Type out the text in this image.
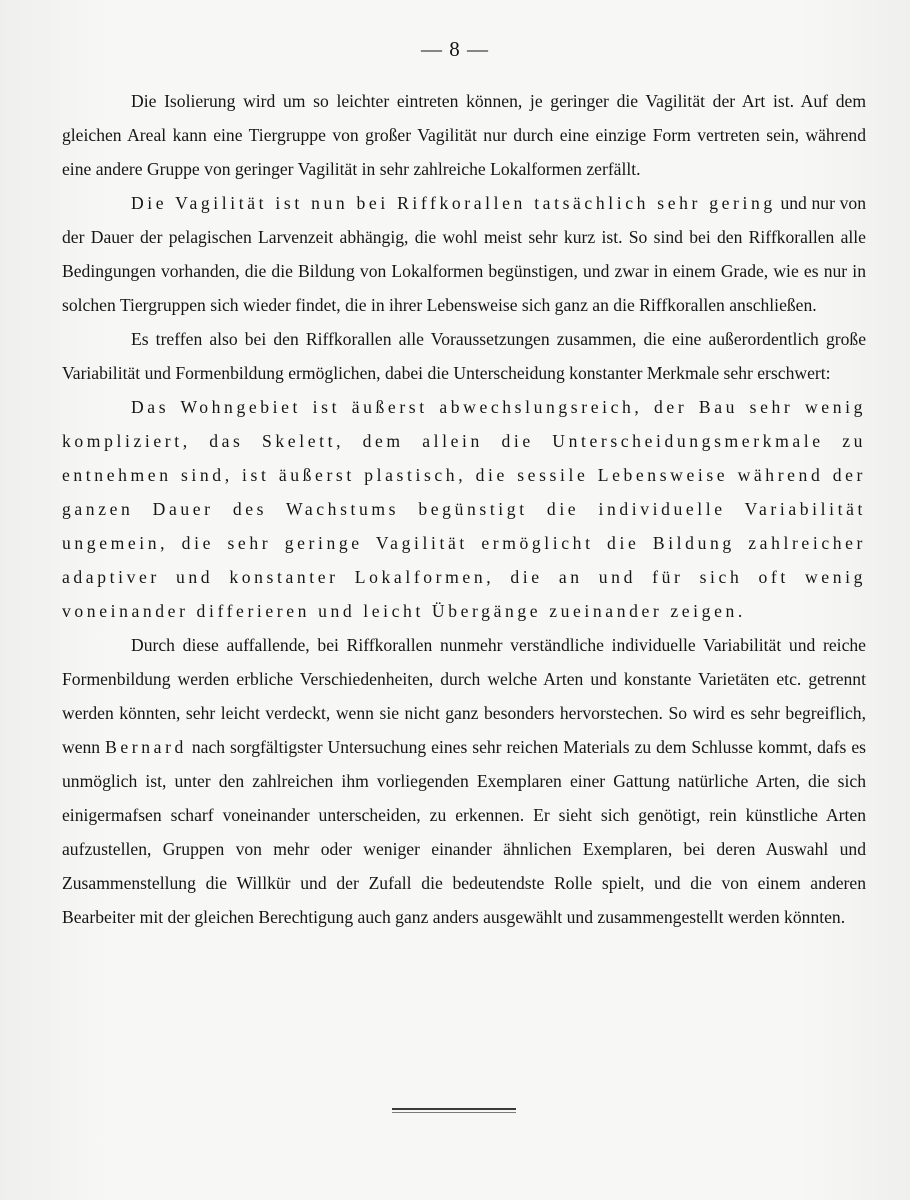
— 8 —

Die Isolierung wird um so leichter eintreten können, je geringer die Vagilität der Art ist. Auf dem gleichen Areal kann eine Tiergruppe von großer Vagilität nur durch eine einzige Form vertreten sein, während eine andere Gruppe von geringer Vagilität in sehr zahlreiche Lokalformen zerfällt.

Die Vagilität ist nun bei Riffkorallen tatsächlich sehr gering und nur von der Dauer der pelagischen Larvenzeit abhängig, die wohl meist sehr kurz ist. So sind bei den Riffkorallen alle Bedingungen vorhanden, die die Bildung von Lokalformen begünstigen, und zwar in einem Grade, wie es nur in solchen Tiergruppen sich wieder findet, die in ihrer Lebensweise sich ganz an die Riffkorallen anschließen.

Es treffen also bei den Riffkorallen alle Voraussetzungen zusammen, die eine außerordentlich große Variabilität und Formenbildung ermöglichen, dabei die Unterscheidung konstanter Merkmale sehr erschwert:

Das Wohngebiet ist äußerst abwechslungsreich, der Bau sehr wenig kompliziert, das Skelett, dem allein die Unterscheidungsmerkmale zu entnehmen sind, ist äußerst plastisch, die sessile Lebensweise während der ganzen Dauer des Wachstums begünstigt die individuelle Variabilität ungemein, die sehr geringe Vagilität ermöglicht die Bildung zahlreicher adaptiver und konstanter Lokalformen, die an und für sich oft wenig voneinander differieren und leicht Übergänge zueinander zeigen.

Durch diese auffallende, bei Riffkorallen nunmehr verständliche individuelle Variabilität und reiche Formenbildung werden erbliche Verschiedenheiten, durch welche Arten und konstante Varietäten etc. getrennt werden könnten, sehr leicht verdeckt, wenn sie nicht ganz besonders hervorstechen. So wird es sehr begreiflich, wenn Bernard nach sorgfältigster Untersuchung eines sehr reichen Materials zu dem Schlusse kommt, dafs es unmöglich ist, unter den zahlreichen ihm vorliegenden Exemplaren einer Gattung natürliche Arten, die sich einigermafsen scharf voneinander unterscheiden, zu erkennen. Er sieht sich genötigt, rein künstliche Arten aufzustellen, Gruppen von mehr oder weniger einander ähnlichen Exemplaren, bei deren Auswahl und Zusammenstellung die Willkür und der Zufall die bedeutendste Rolle spielt, und die von einem anderen Bearbeiter mit der gleichen Berechtigung auch ganz anders ausgewählt und zusammengestellt werden könnten.
